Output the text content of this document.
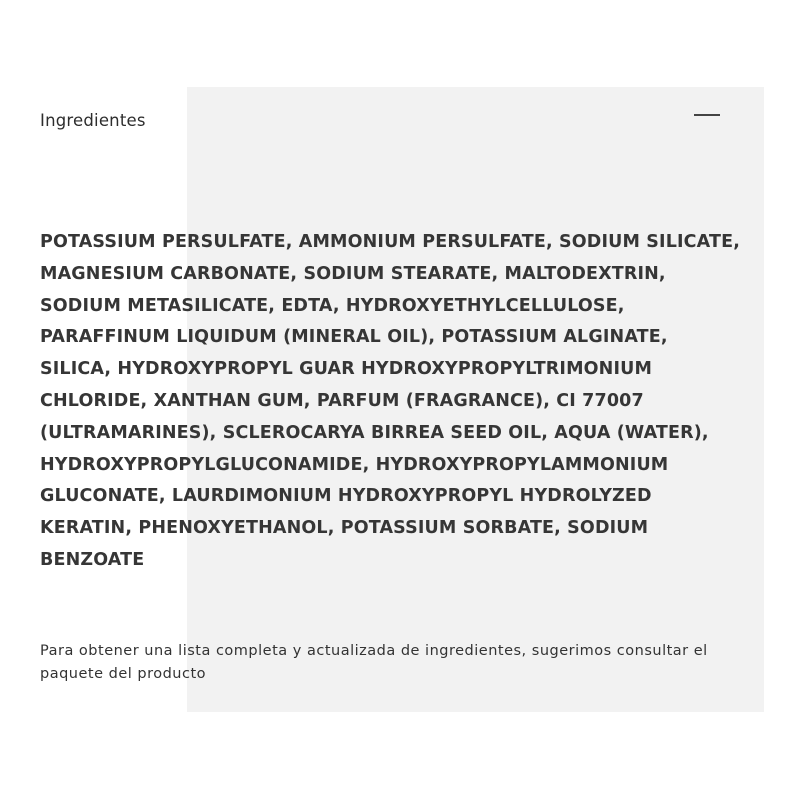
Ingredientes

POTASSIUM PERSULFATE, AMMONIUM PERSULFATE, SODIUM SILICATE, MAGNESIUM CARBONATE, SODIUM STEARATE, MALTODEXTRIN, SODIUM METASILICATE, EDTA, HYDROXYETHYLCELLULOSE, PARAFFINUM LIQUIDUM (MINERAL OIL), POTASSIUM ALGINATE, SILICA, HYDROXYPROPYL GUAR HYDROXYPROPYLTRIMONIUM CHLORIDE, XANTHAN GUM, PARFUM (FRAGRANCE), CI 77007 (ULTRAMARINES), SCLEROCARYA BIRREA SEED OIL, AQUA (WATER), HYDROXYPROPYLGLUCONAMIDE, HYDROXYPROPYLAMMONIUM GLUCONATE, LAURDIMONIUM HYDROXYPROPYL HYDROLYZED KERATIN, PHENOXYETHANOL, POTASSIUM SORBATE, SODIUM BENZOATE

Para obtener una lista completa y actualizada de ingredientes, sugerimos consultar el paquete del producto
